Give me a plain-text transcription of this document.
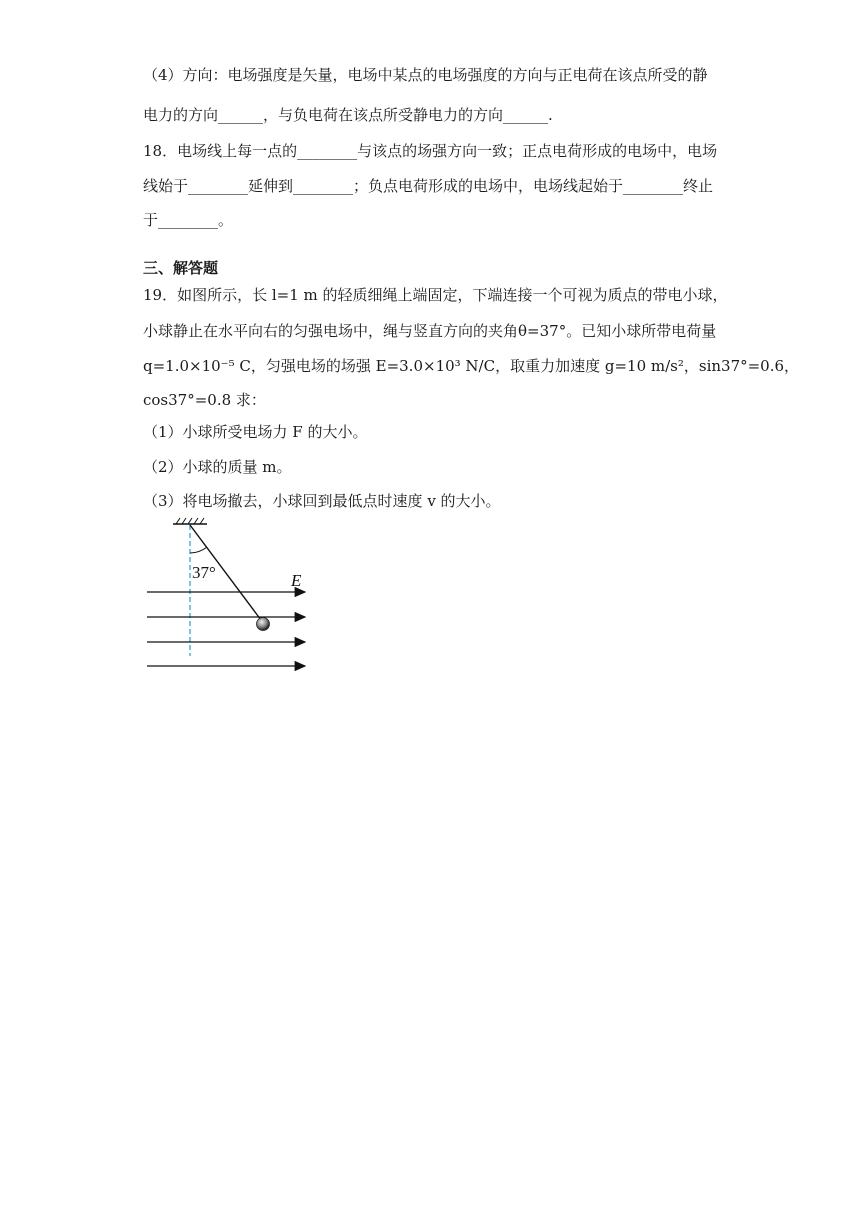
（4）方向：电场强度是矢量，电场中某点的电场强度的方向与正电荷在该点所受的静
电力的方向______，与负电荷在该点所受静电力的方向______.
18．电场线上每一点的________与该点的场强方向一致；正点电荷形成的电场中，电场
线始于________延伸到________；负点电荷形成的电场中，电场线起始于________终止
于________。
三、解答题
19．如图所示，长 l=1 m 的轻质细绳上端固定，下端连接一个可视为质点的带电小球，
小球静止在水平向右的匀强电场中，绳与竖直方向的夹角θ=37°。已知小球所带电荷量
q=1.0×10⁻⁵ C，匀强电场的场强 E=3.0×10³ N/C，取重力加速度 g=10 m/s²，sin37°=0.6，
cos37°=0.8 求：
（1）小球所受电场力 F 的大小。
（2）小球的质量 m。
（3）将电场撤去，小球回到最低点时速度 v 的大小。
37°	E
